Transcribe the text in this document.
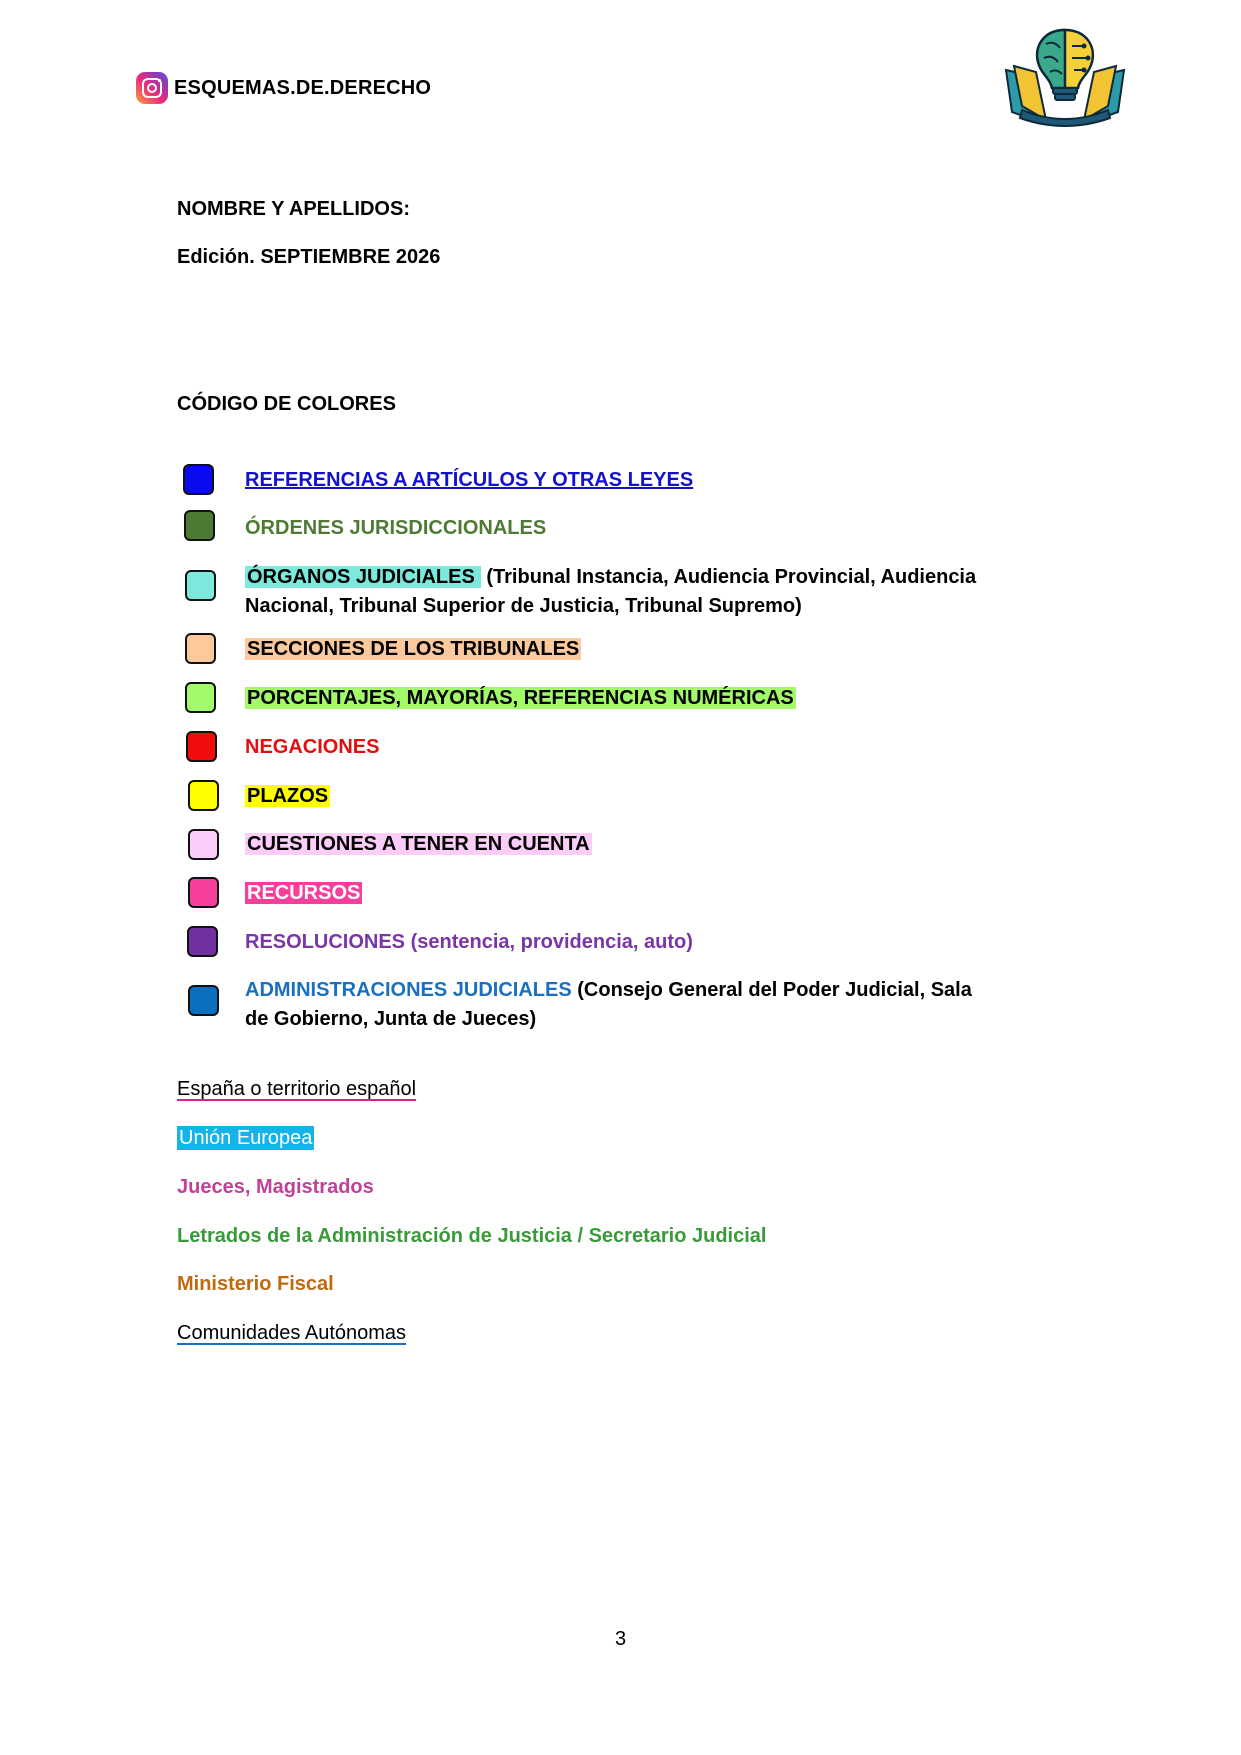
ESQUEMAS.DE.DERECHO
NOMBRE Y APELLIDOS:
Edición. SEPTIEMBRE 2026
CÓDIGO DE COLORES
REFERENCIAS A ARTÍCULOS Y OTRAS LEYES
ÓRDENES JURISDICCIONALES
ÓRGANOS JUDICIALES (Tribunal Instancia, Audiencia Provincial, Audiencia Nacional, Tribunal Superior de Justicia, Tribunal Supremo)
SECCIONES DE LOS TRIBUNALES
PORCENTAJES, MAYORÍAS, REFERENCIAS NUMÉRICAS
NEGACIONES
PLAZOS
CUESTIONES A TENER EN CUENTA
RECURSOS
RESOLUCIONES (sentencia, providencia, auto)
ADMINISTRACIONES JUDICIALES (Consejo General del Poder Judicial, Sala de Gobierno, Junta de Jueces)
España o territorio español
Unión Europea
Jueces, Magistrados
Letrados de la Administración de Justicia / Secretario Judicial
Ministerio Fiscal
Comunidades Autónomas
3
